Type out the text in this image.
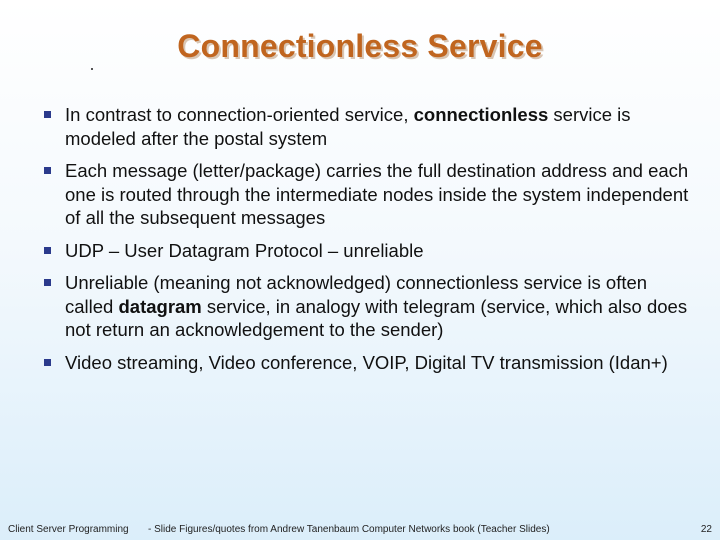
Connectionless Service
In contrast to connection-oriented service, connectionless service is modeled after the postal system
Each message (letter/package) carries the full destination address and each one is routed through the intermediate nodes inside the system independent of all the subsequent messages
UDP – User Datagram Protocol – unreliable
Unreliable (meaning not acknowledged) connectionless service is often called datagram service, in analogy with telegram (service, which also does not return an acknowledgement to the sender)
Video streaming, Video conference, VOIP, Digital TV transmission (Idan+)
Client Server Programming - Slide Figures/quotes from Andrew Tanenbaum Computer Networks book (Teacher Slides)	22
